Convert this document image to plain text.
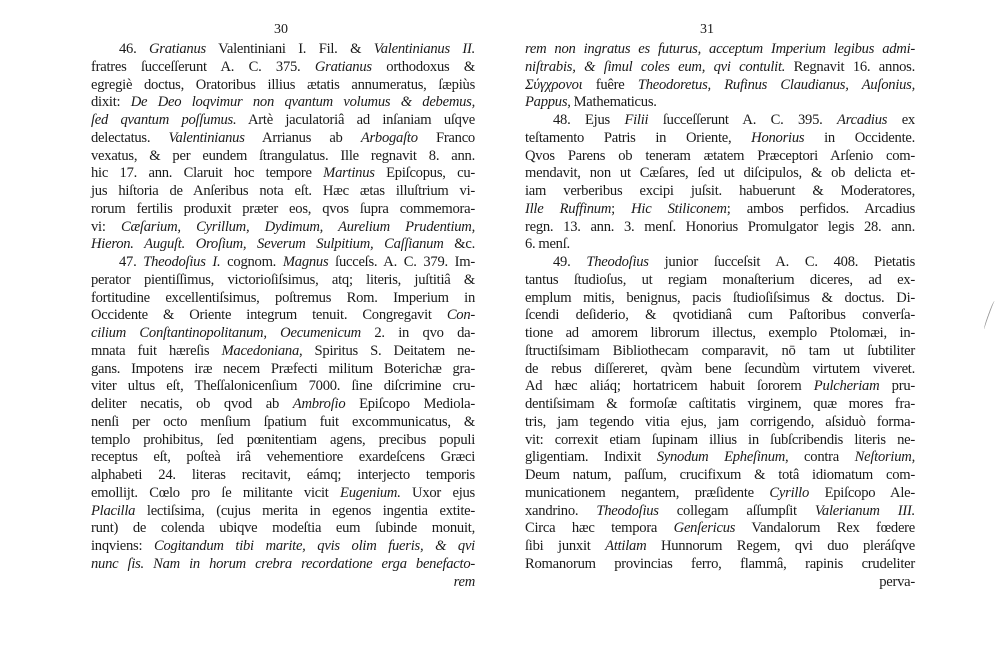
30
46. Gratianus Valentiniani I. Fil. & Valentinianus II.
fratres ſucceſſerunt A. C. 375. Gratianus orthodoxus &
egregiè doctus, Oratoribus illius ætatis annumeratus, ſæpiùs
dixit: De Deo loqvimur non qvantum volumus & debemus,
ſed qvantum poſſumus. Artè jaculatoriâ ad inſaniam uſqve
delectatus. Valentinianus Arrianus ab Arbogaſto Franco
vexatus, & per eundem ſtrangulatus. Ille regnavit 8. ann.
hic 17. ann. Claruit hoc tempore Martinus Epiſcopus, cu-
jus hiſtoria de Anſeribus nota eſt. Hæc ætas illuſtrium vi-
rorum fertilis produxit præter eos, qvos ſupra commemora-
vi: Cæſarium, Cyrillum, Dydimum, Aurelium Prudentium,
Hieron. Auguſt. Oroſium, Severum Sulpitium, Caſſianum &c.
47. Theodoſius I. cognom. Magnus ſucceſs. A. C. 379. Im-
perator pientiſſimus, victorioſiſsimus, atq; literis, juſtitiâ &
fortitudine excellentiſsimus, poſtremus Rom. Imperium in
Occidente & Oriente integrum tenuit. Congregavit Con-
cilium Conſtantinopolitanum, Oecumenicum 2. in qvo da-
mnata fuit hæreſis Macedoniana, Spiritus S. Deitatem ne-
gans. Impotens iræ necem Præfecti militum Boterichæ gra-
viter ultus eſt, Theſſalonicenſium 7000. ſine diſcrimine cru-
deliter necatis, ob qvod ab Ambroſio Epiſcopo Mediola-
nenſi per octo menſium ſpatium fuit excommunicatus, &
templo prohibitus, ſed pœnitentiam agens, precibus populi
receptus eſt, poſteà irâ vehementiore exardeſcens Græci
alphabeti 24. literas recitavit, eámq; interjecto temporis
emollijt. Cœlo pro ſe militante vicit Eugenium. Uxor ejus
Placilla lectiſsima, (cujus merita in egenos ingentia extite-
runt) de colenda ubiqve modeſtia eum ſubinde monuit,
inqviens: Cogitandum tibi marite, qvis olim fueris, & qvi
nunc ſis. Nam in horum crebra recordatione erga benefacto-
rem
31
rem non ingratus es futurus, acceptum Imperium legibus admi-
niſtrabis, & ſimul coles eum, qvi contulit. Regnavit 16. annos.
Σύγχρονοι fuêre Theodoretus, Rufinus Claudianus, Auſonius,
Pappus, Mathematicus.
48. Ejus Filii ſucceſſerunt A. C. 395. Arcadius ex
teſtamento Patris in Oriente, Honorius in Occidente.
Qvos Parens ob teneram ætatem Præceptori Arſenio com-
mendavit, non ut Cæſares, ſed ut diſcipulos, & ob delicta et-
iam verberibus excipi juſsit. habuerunt & Moderatores,
Ille Ruffinum; Hic Stiliconem; ambos perfidos. Arcadius
regn. 13. ann. 3. menſ. Honorius Promulgator legis 28. ann.
6. menſ.
49. Theodoſius junior ſucceſsit A. C. 408. Pietatis
tantus ſtudioſus, ut regiam monaſterium diceres, ad ex-
emplum mitis, benignus, pacis ſtudioſiſsimus & doctus. Di-
ſcendi deſiderio, & qvotidianâ cum Paſtoribus converſa-
tione ad amorem librorum illectus, exemplo Ptolomæi, in-
ſtructiſsimam Bibliothecam comparavit, nō tam ut ſubtiliter
de rebus diſſereret, qvàm bene ſecundùm virtutem viveret.
Ad hæc aliáq; hortatricem habuit ſororem Pulcheriam pru-
dentiſsimam & formoſæ caſtitatis virginem, quæ mores fra-
tris, jam tegendo vitia ejus, jam corrigendo, aſsiduò forma-
vit: correxit etiam ſupinam illius in ſubſcribendis literis ne-
gligentiam. Indixit Synodum Epheſinum, contra Neſtorium,
Deum natum, paſſum, crucifixum & totâ idiomatum com-
municationem negantem, præſidente Cyrillo Epiſcopo Ale-
xandrino. Theodoſius collegam aſſumpſit Valerianum III.
Circa hæc tempora Genſericus Vandalorum Rex fœdere
ſibi junxit Attilam Hunnorum Regem, qvi duo pleráſqve
Romanorum provincias ferro, flammâ, rapinis crudeliter
perva-
